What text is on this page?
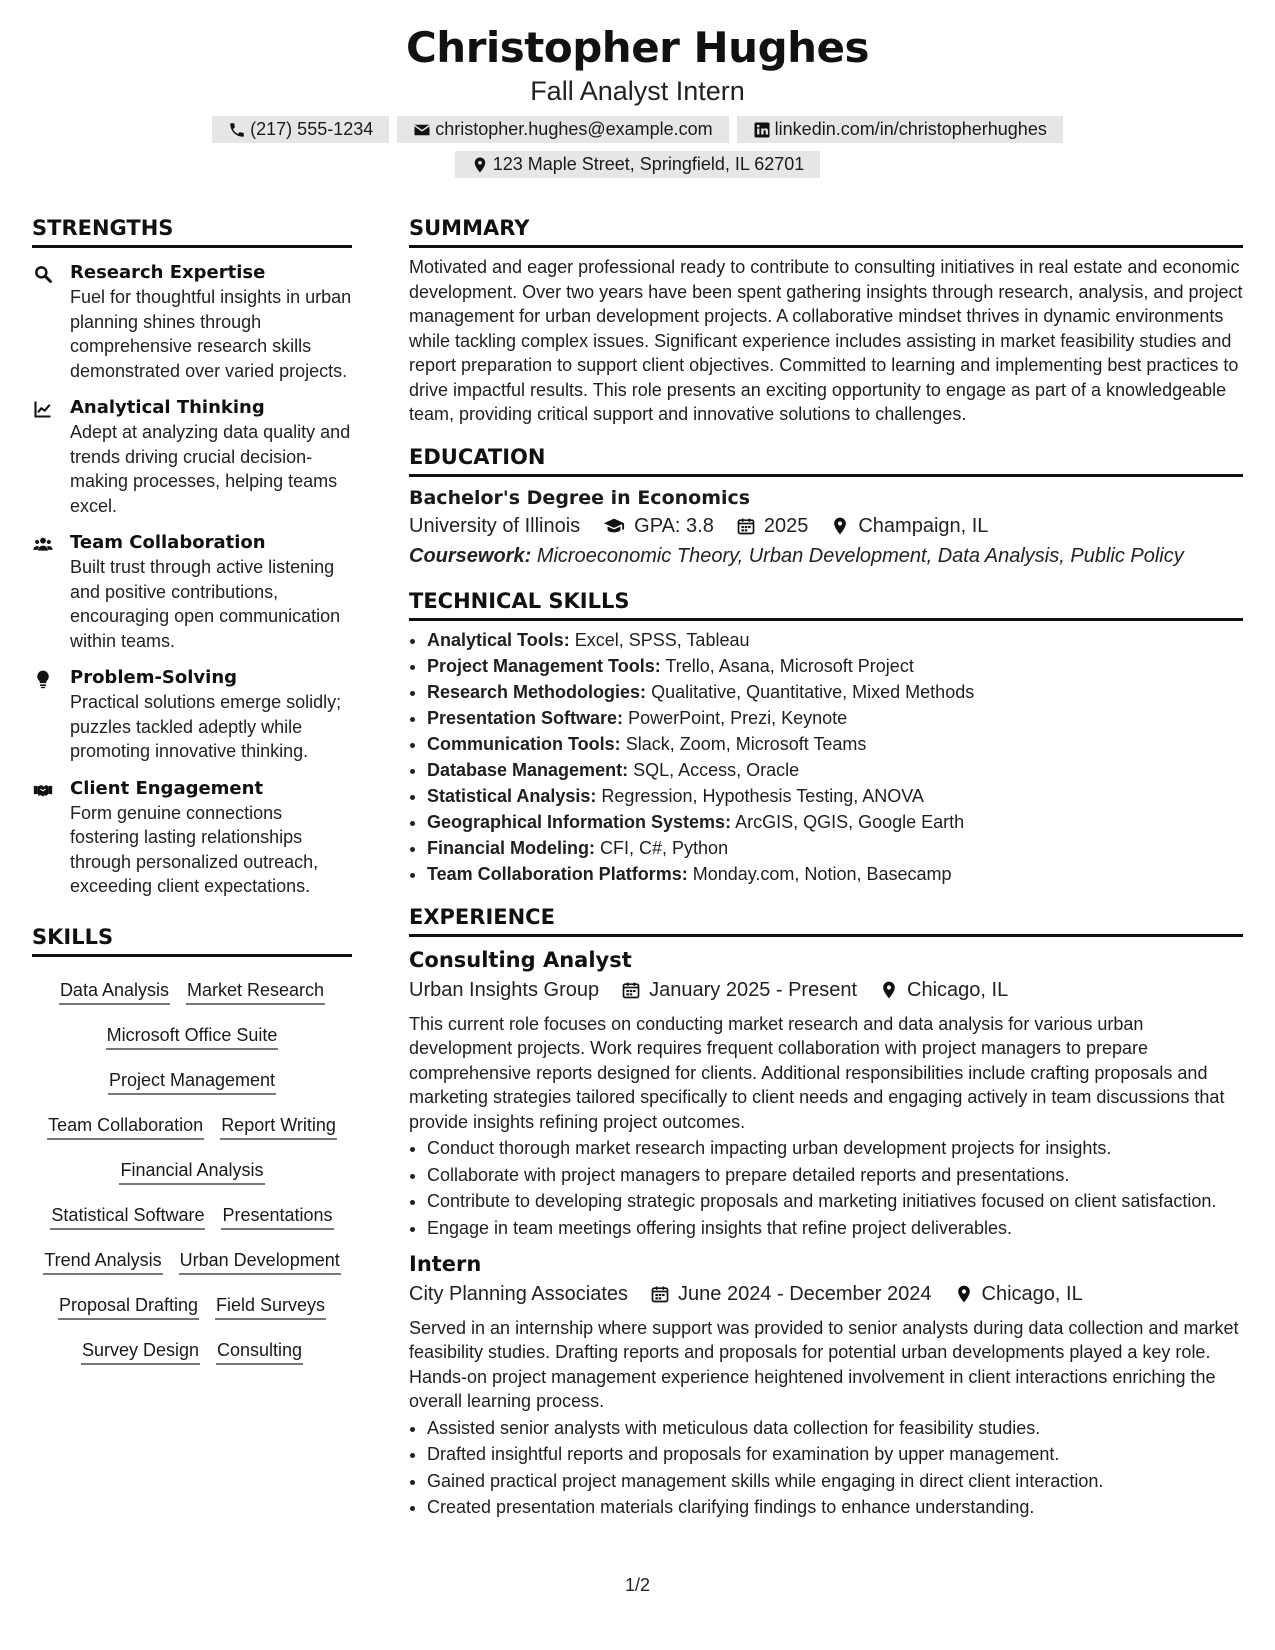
Christopher Hughes
Fall Analyst Intern
(217) 555-1234	christopher.hughes@example.com	linkedin.com/in/christopherhughes
123 Maple Street, Springfield, IL 62701
STRENGTHS
Research Expertise
Fuel for thoughtful insights in urban planning shines through comprehensive research skills demonstrated over varied projects.
Analytical Thinking
Adept at analyzing data quality and trends driving crucial decision-making processes, helping teams excel.
Team Collaboration
Built trust through active listening and positive contributions, encouraging open communication within teams.
Problem-Solving
Practical solutions emerge solidly; puzzles tackled adeptly while promoting innovative thinking.
Client Engagement
Form genuine connections fostering lasting relationships through personalized outreach, exceeding client expectations.
SKILLS
Data Analysis Market Research
Microsoft Office Suite
Project Management
Team Collaboration Report Writing
Financial Analysis
Statistical Software Presentations
Trend Analysis Urban Development
Proposal Drafting Field Surveys
Survey Design Consulting
SUMMARY
Motivated and eager professional ready to contribute to consulting initiatives in real estate and economic development. Over two years have been spent gathering insights through research, analysis, and project management for urban development projects. A collaborative mindset thrives in dynamic environments while tackling complex issues. Significant experience includes assisting in market feasibility studies and report preparation to support client objectives. Committed to learning and implementing best practices to drive impactful results. This role presents an exciting opportunity to engage as part of a knowledgeable team, providing critical support and innovative solutions to challenges.
EDUCATION
Bachelor's Degree in Economics
University of Illinois	GPA: 3.8	2025	Champaign, IL
Coursework: Microeconomic Theory, Urban Development, Data Analysis, Public Policy
TECHNICAL SKILLS
• Analytical Tools: Excel, SPSS, Tableau
• Project Management Tools: Trello, Asana, Microsoft Project
• Research Methodologies: Qualitative, Quantitative, Mixed Methods
• Presentation Software: PowerPoint, Prezi, Keynote
• Communication Tools: Slack, Zoom, Microsoft Teams
• Database Management: SQL, Access, Oracle
• Statistical Analysis: Regression, Hypothesis Testing, ANOVA
• Geographical Information Systems: ArcGIS, QGIS, Google Earth
• Financial Modeling: CFI, C#, Python
• Team Collaboration Platforms: Monday.com, Notion, Basecamp
EXPERIENCE
Consulting Analyst
Urban Insights Group	January 2025 - Present	Chicago, IL
This current role focuses on conducting market research and data analysis for various urban development projects. Work requires frequent collaboration with project managers to prepare comprehensive reports designed for clients. Additional responsibilities include crafting proposals and marketing strategies tailored specifically to client needs and engaging actively in team discussions that provide insights refining project outcomes.
• Conduct thorough market research impacting urban development projects for insights.
• Collaborate with project managers to prepare detailed reports and presentations.
• Contribute to developing strategic proposals and marketing initiatives focused on client satisfaction.
• Engage in team meetings offering insights that refine project deliverables.
Intern
City Planning Associates	June 2024 - December 2024	Chicago, IL
Served in an internship where support was provided to senior analysts during data collection and market feasibility studies. Drafting reports and proposals for potential urban developments played a key role. Hands-on project management experience heightened involvement in client interactions enriching the overall learning process.
• Assisted senior analysts with meticulous data collection for feasibility studies.
• Drafted insightful reports and proposals for examination by upper management.
• Gained practical project management skills while engaging in direct client interaction.
• Created presentation materials clarifying findings to enhance understanding.
1/2
